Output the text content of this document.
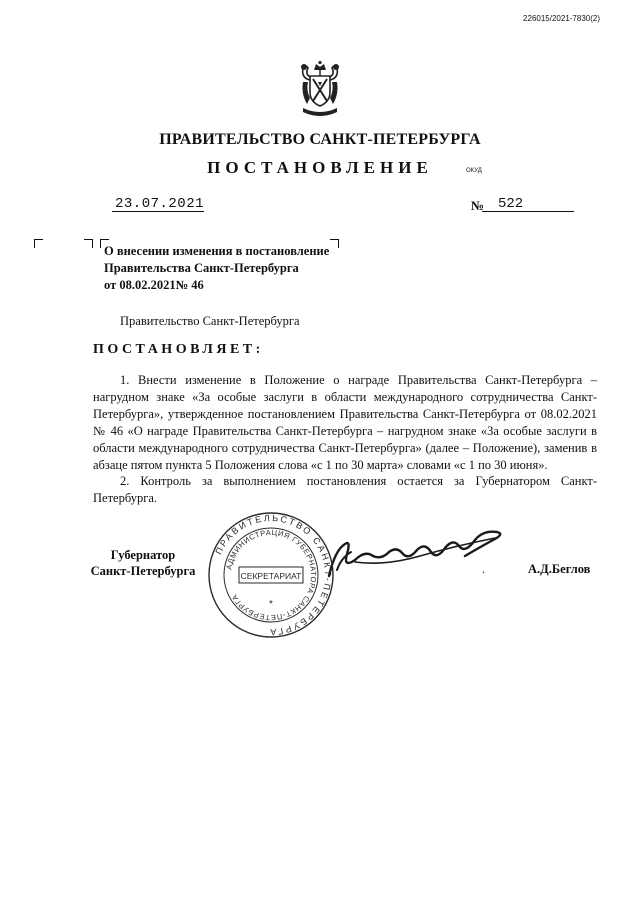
226015/2021-7830(2)
ПРАВИТЕЛЬСТВО САНКТ-ПЕТЕРБУРГА
ПОСТАНОВЛЕНИЕ	ОКУД
23.07.2021	№ 522
О внесении изменения в постановление
Правительства Санкт-Петербурга
от 08.02.2021№ 46
Правительство Санкт-Петербурга
ПОСТАНОВЛЯЕТ:
1. Внести изменение в Положение о награде Правительства Санкт-Петербурга – нагрудном знаке «За особые заслуги в области международного сотрудничества Санкт-Петербурга», утвержденное постановлением Правительства Санкт-Петербурга от 08.02.2021 № 46 «О награде Правительства Санкт-Петербурга – нагрудном знаке «За особые заслуги в области международного сотрудничества Санкт-Петербурга» (далее – Положение), заменив в абзаце пятом пункта 5 Положения слова «с 1 по 30 марта» словами «с 1 по 30 июня».
2. Контроль за выполнением постановления остается за Губернатором Санкт-Петербурга.
Губернатор
Санкт-Петербурга	.	А.Д.Беглов
ПРАВИТЕЛЬСТВО САНКТ-ПЕТЕРБУРГА
АДМИНИСТРАЦИЯ ГУБЕРНАТОРА САНКТ-ПЕТЕРБУРГА
СЕКРЕТАРИАТ
*
